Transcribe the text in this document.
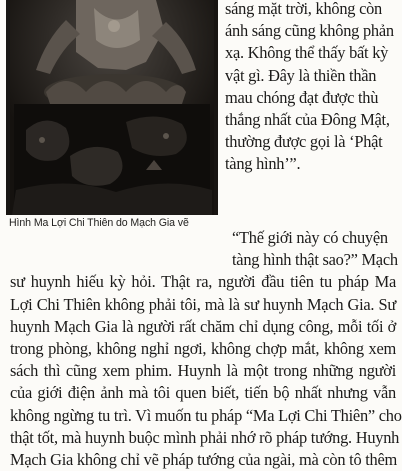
Hình Ma Lợi Chi Thiên do Mạch Gia vẽ
sáng mặt trời, không còn
ánh sáng cũng không phản
xạ. Không thể thấy bất kỳ
vật gì. Đây là thiền thần
mau chóng đạt được thù
thắng nhất của Đông Mật,
thường được gọi là ‘Phật
tàng hình’”.
“Thế giới này có chuyện
tàng hình thật sao?” Mạch
sư huynh hiếu kỳ hỏi. Thật ra, người đầu tiên tu pháp Ma
Lợi Chi Thiên không phải tôi, mà là sư huynh Mạch Gia. Sư
huynh Mạch Gia là người rất chăm chỉ dụng công, mỗi tối ở
trong phòng, không nghỉ ngơi, không chợp mắt, không xem
sách thì cũng xem phim. Huynh là một trong những người
của giới điện ảnh mà tôi quen biết, tiến bộ nhất nhưng vẫn
không ngừng tu trì. Vì muốn tu pháp “Ma Lợi Chi Thiên” cho
thật tốt, mà huynh buộc mình phải nhớ rõ pháp tướng. Huynh
Mạch Gia không chỉ vẽ pháp tướng của ngài, mà còn tô thêm
